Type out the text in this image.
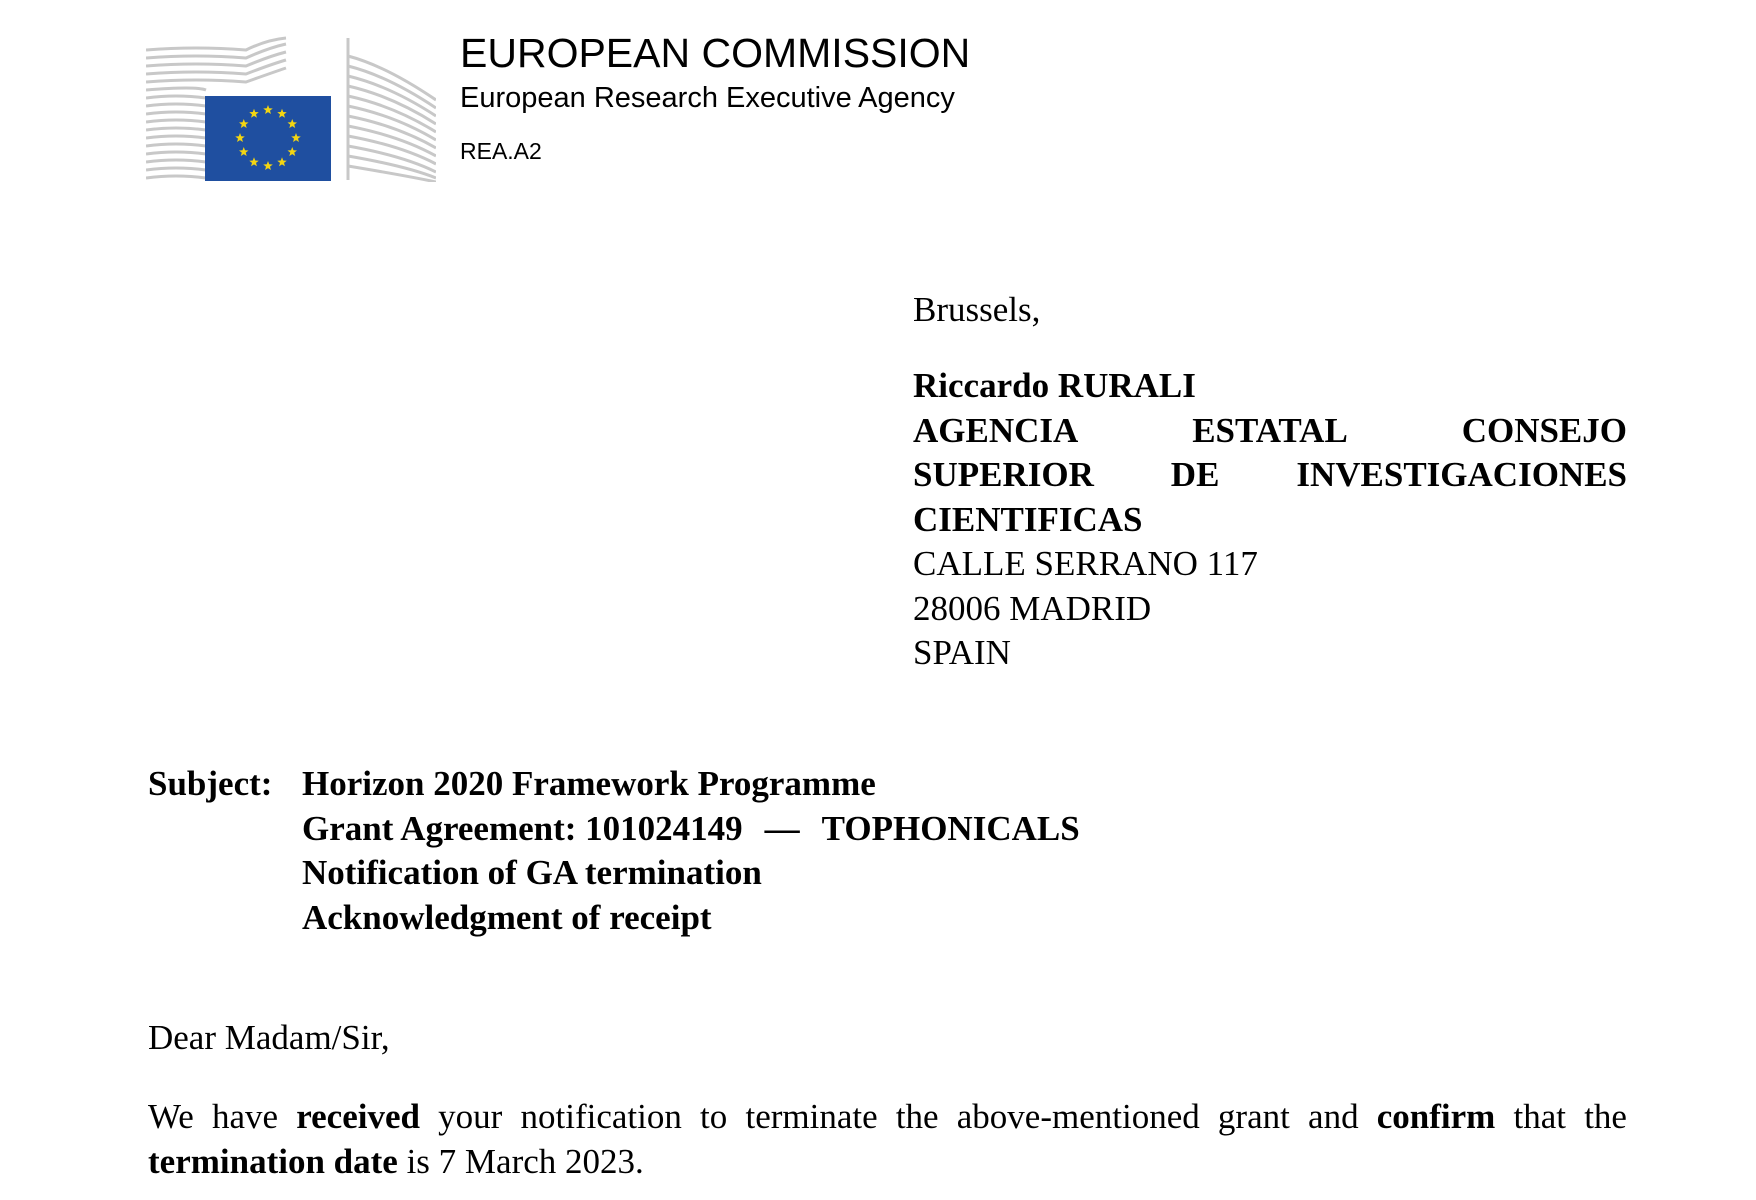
EUROPEAN COMMISSION
European Research Executive Agency
REA.A2
Brussels,
Riccardo RURALI
AGENCIA	ESTATAL	CONSEJO
SUPERIOR DE INVESTIGACIONES
CIENTIFICAS
CALLE SERRANO 117
28006 MADRID
SPAIN
Subject: Horizon 2020 Framework Programme
Grant Agreement: 101024149 — TOPHONICALS
Notification of GA termination
Acknowledgment of receipt
Dear Madam/Sir,
We have received your notification to terminate the above-mentioned grant and confirm that the
termination date is 7 March 2023.
